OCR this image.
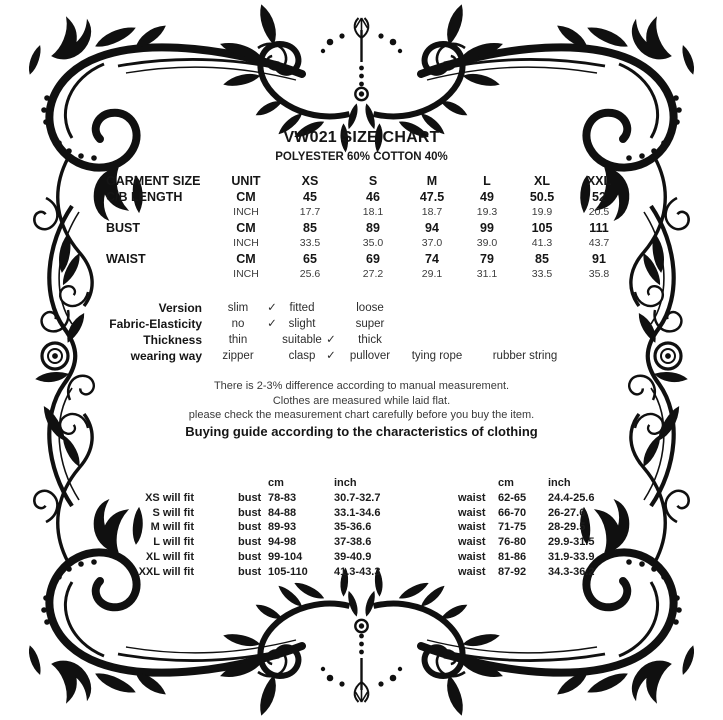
VW021 SIZE CHART
POLYESTER 60% COTTON 40%
GARMENT SIZE	UNIT	XS	S	M	L	XL	XXL
C/B LENGTH	CM	45	46	47.5	49	50.5	52
INCH	17.7	18.1	18.7	19.3	19.9	20.5
BUST	CM	85	89	94	99	105	111
INCH	33.5	35.0	37.0	39.0	41.3	43.7
WAIST	CM	65	69	74	79	85	91
INCH	25.6	27.2	29.1	31.1	33.5	35.8
Version	slim	✓	fitted	loose
Fabric-Elasticity	no	✓	slight	super
Thickness	thin	suitable ✓	thick
wearing way	zipper	clasp ✓	pullover	tying rope	rubber string
There is 2-3% difference according to manual measurement.
Clothes are measured while laid flat.
please check the measurement chart carefully before you buy the item.
Buying guide according to the characteristics of clothing
cm	inch	cm	inch
XS will fit	bust 78-83	30.7-32.7	waist	62-65	24.4-25.6
S will fit	bust 84-88	33.1-34.6	waist	66-70	26-27.6
M will fit	bust 89-93	35-36.6	waist	71-75	28-29.5
L will fit	bust 94-98	37-38.6	waist	76-80	29.9-31.5
XL will fit	bust 99-104	39-40.9	waist	81-86	31.9-33.9
XXL will fit	bust 105-110	41.3-43.3	waist	87-92	34.3-36.2
